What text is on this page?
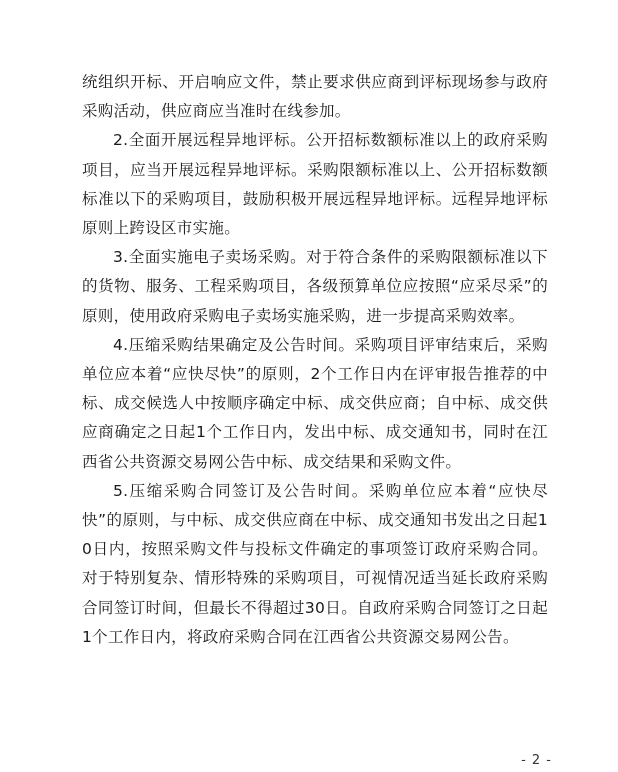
统组织开标、开启响应文件，禁止要求供应商到评标现场参与政府采购活动，供应商应当准时在线参加。

2.全面开展远程异地评标。公开招标数额标准以上的政府采购项目，应当开展远程异地评标。采购限额标准以上、公开招标数额标准以下的采购项目，鼓励积极开展远程异地评标。远程异地评标原则上跨设区市实施。

3.全面实施电子卖场采购。对于符合条件的采购限额标准以下的货物、服务、工程采购项目，各级预算单位应按照“应采尽采”的原则，使用政府采购电子卖场实施采购，进一步提高采购效率。

4.压缩采购结果确定及公告时间。采购项目评审结束后，采购单位应本着“应快尽快”的原则，2个工作日内在评审报告推荐的中标、成交候选人中按顺序确定中标、成交供应商；自中标、成交供应商确定之日起1个工作日内，发出中标、成交通知书，同时在江西省公共资源交易网公告中标、成交结果和采购文件。

5.压缩采购合同签订及公告时间。采购单位应本着“应快尽快”的原则，与中标、成交供应商在中标、成交通知书发出之日起10日内，按照采购文件与投标文件确定的事项签订政府采购合同。对于特别复杂、情形特殊的采购项目，可视情况适当延长政府采购合同签订时间，但最长不得超过30日。自政府采购合同签订之日起1个工作日内，将政府采购合同在江西省公共资源交易网公告。

- 2 -
